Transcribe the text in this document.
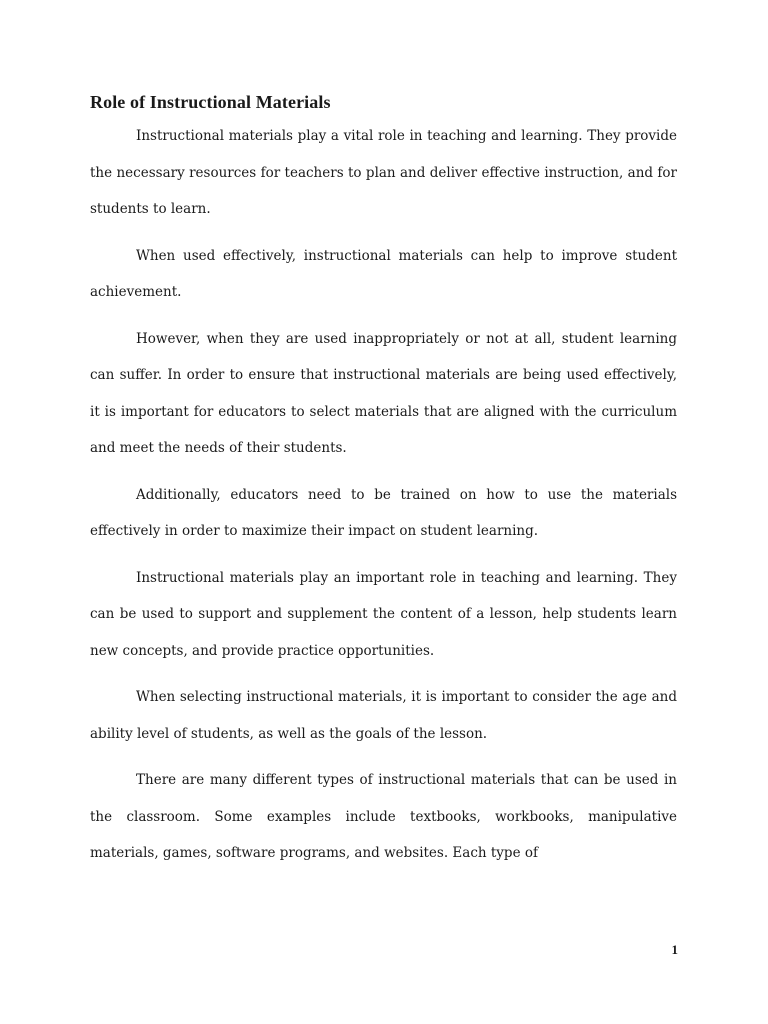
Role of Instructional Materials

Instructional materials play a vital role in teaching and learning. They provide the necessary resources for teachers to plan and deliver effective instruction, and for students to learn.

When used effectively, instructional materials can help to improve student achievement.

However, when they are used inappropriately or not at all, student learning can suffer. In order to ensure that instructional materials are being used effectively, it is important for educators to select materials that are aligned with the curriculum and meet the needs of their students.

Additionally, educators need to be trained on how to use the materials effectively in order to maximize their impact on student learning.

Instructional materials play an important role in teaching and learning. They can be used to support and supplement the content of a lesson, help students learn new concepts, and provide practice opportunities.

When selecting instructional materials, it is important to consider the age and ability level of students, as well as the goals of the lesson.

There are many different types of instructional materials that can be used in the classroom. Some examples include textbooks, workbooks, manipulative materials, games, software programs, and websites. Each type of

1
